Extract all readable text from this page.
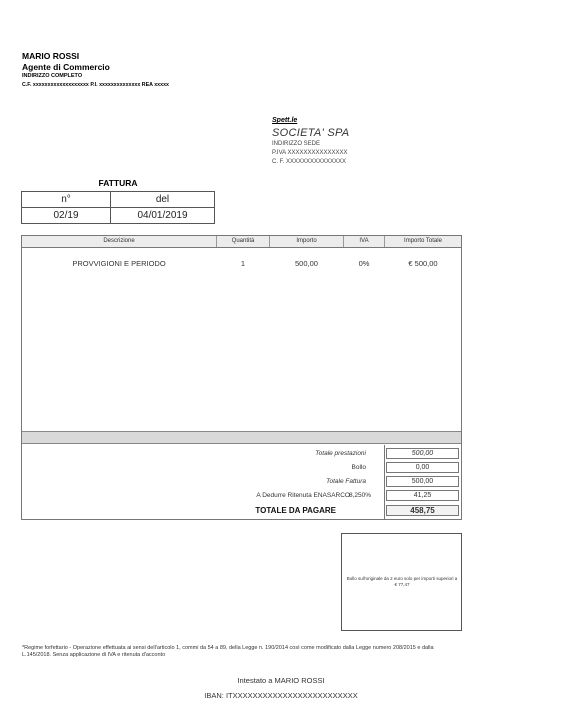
MARIO ROSSI
Agente di Commercio
INDIRIZZO COMPLETO
C.F. xxxxxxxxxxxxxxxxxxx P.I. xxxxxxxxxxxxxx REA xxxxx
Spett.le
SOCIETA' SPA
INDIRIZZO SEDE
P.IVA XXXXXXXXXXXXXXX
C. F. XXXXXXXXXXXXXXX
FATTURA
n°	del
02/19	04/01/2019
Descrizione	Quantità	Importo	IVA	Importo Totale
PROVVIGIONI E PERIODO	1	500,00	0%	€ 500,00
Totale prestazioni	500,00
Bollo	0,00
Totale Fattura	500,00
A Dedurre Ritenuta ENASARCO 8,250%	41,25
TOTALE DA PAGARE	458,75
Bollo sull'originale da 2 euro solo per importi superiori a € 77,47
*Regime forfettario - Operazione effettuata ai sensi dell'articolo 1, commi da 54 a 89, della Legge n. 190/2014 così come modificato dalla Legge numero 208/2015 e dalla L.145/2018. Senza applicazione di IVA e ritenuta d'acconto
Intestato a MARIO ROSSI
IBAN: ITXXXXXXXXXXXXXXXXXXXXXXXXX
